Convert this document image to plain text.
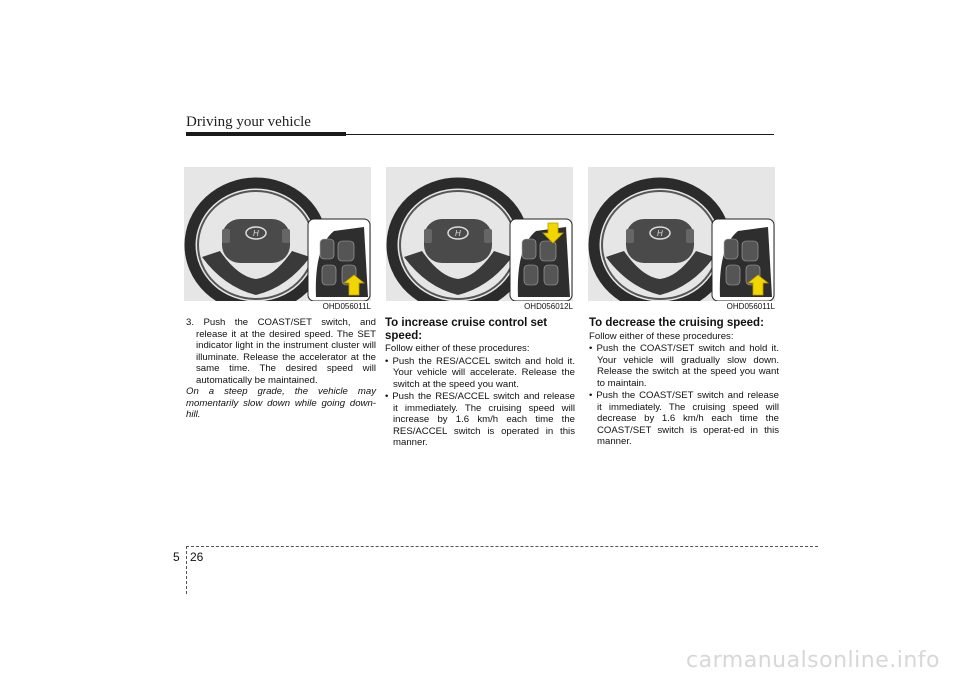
Driving your vehicle
H
OHD056011L
H
OHD056012L
H
OHD056011L

3. Push the COAST/SET switch, and release it at the desired speed. The SET indicator light in the instrument cluster will illuminate. Release the accelerator at the same time. The desired speed will automatically be maintained.

On a steep grade, the vehicle may momentarily slow down while going down-hill.

To increase cruise control set speed:

Follow either of these procedures:

• Push the RES/ACCEL switch and hold it. Your vehicle will accelerate. Release the switch at the speed you want.

• Push the RES/ACCEL switch and release it immediately. The cruising speed will increase by 1.6 km/h each time the RES/ACCEL switch is operated in this manner.

To decrease the cruising speed:

Follow either of these procedures:

• Push the COAST/SET switch and hold it. Your vehicle will gradually slow down. Release the switch at the speed you want to maintain.

• Push the COAST/SET switch and release it immediately. The cruising speed will decrease by 1.6 km/h each time the COAST/SET switch is operat-ed in this manner.

5 26
carmanualsonline.info
